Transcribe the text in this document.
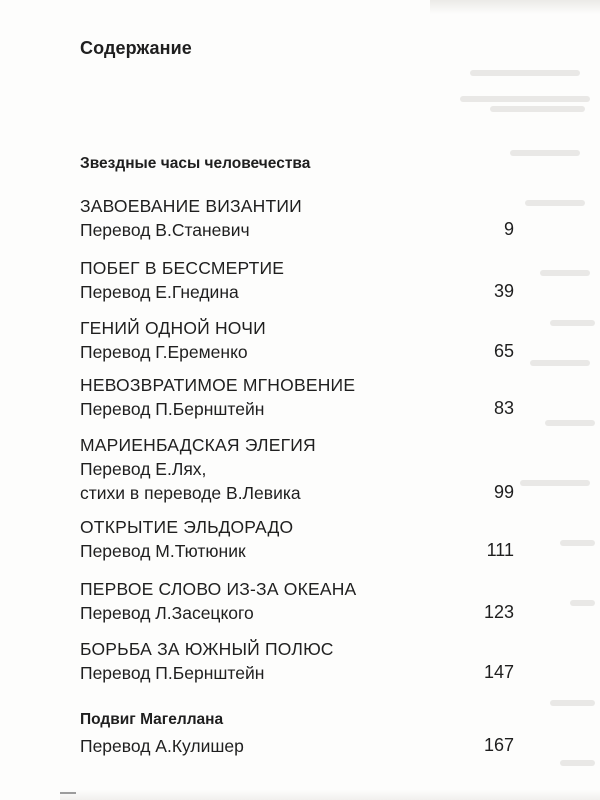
Содержание
Звездные часы человечества
ЗАВОЕВАНИЕ ВИЗАНТИИ
Перевод В.Станевич	9
ПОБЕГ В БЕССМЕРТИЕ
Перевод Е.Гнедина	39
ГЕНИЙ ОДНОЙ НОЧИ
Перевод Г.Еременко	65
НЕВОЗВРАТИМОЕ МГНОВЕНИЕ
Перевод П.Бернштейн	83
МАРИЕНБАДСКАЯ ЭЛЕГИЯ
Перевод Е.Лях,
стихи в переводе В.Левика	99
ОТКРЫТИЕ ЭЛЬДОРАДО
Перевод М.Тютюник	111
ПЕРВОЕ СЛОВО ИЗ-ЗА ОКЕАНА
Перевод Л.Засецкого	123
БОРЬБА ЗА ЮЖНЫЙ ПОЛЮС
Перевод П.Бернштейн	147
Подвиг Магеллана
Перевод А.Кулишер	167
